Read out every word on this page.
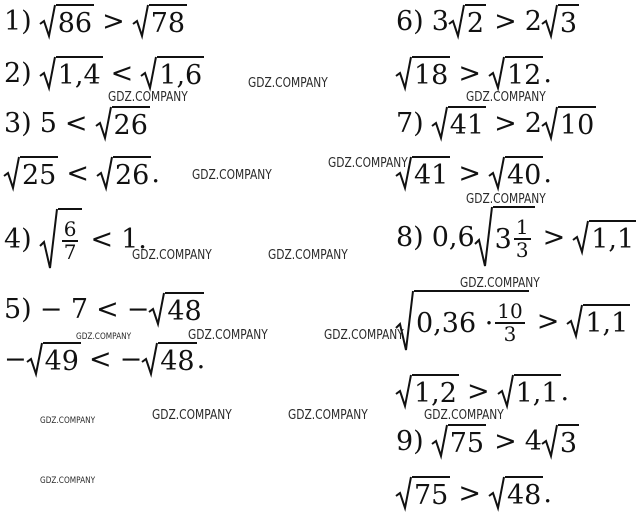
1) 86 > 78
2) 1,4 < 1,6
3) 5 < 26
25 < 26 .
$4) \frac{6}{7} < 1$.
5) − 7 < − 48
− 49 < − 48 .
6) 3 2 > 2 3
18 > 12 .
7) 41 > 2 10
41 > 40 .
8) 0,6 $3 \frac{1}{3} > 1,1$
$0,36 \cdot \frac{10}{3} > 1,1$
1,2 > 1,1 .
9) 75 > 4 3
75 > 48 .
GDZ.COMPANY
GDZ.COMPANY	GDZ.COMPANY
GDZ.COMPANY
GDZ.COMPANY
GDZ.COMPANY
GDZ.COMPANY	GDZ.COMPANY
GDZ.COMPANY
GDZ.COMPANY	GDZ.COMPANY	GDZ.COMPANY
GDZ.COMPANY	GDZ.COMPANY	GDZ.COMPANY	GDZ.COMPANY
GDZ.COMPANY
